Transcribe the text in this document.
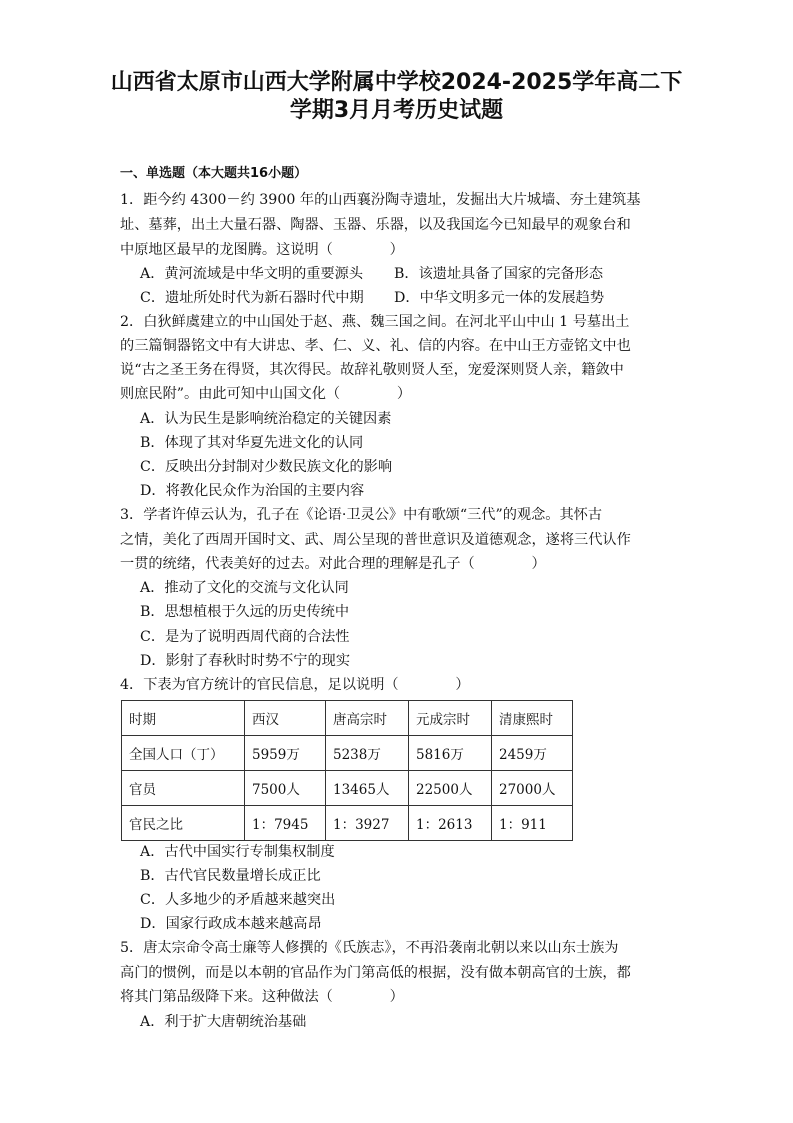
山西省太原市山西大学附属中学校2024-2025学年高二下
学期3月月考历史试题
一、单选题（本大题共16小题）
1．距今约 4300－约 3900 年的山西襄汾陶寺遗址，发掘出大片城墙、夯土建筑基
址、墓葬，出土大量石器、陶器、玉器、乐器，以及我国迄今已知最早的观象台和
中原地区最早的龙图腾。这说明（　　　　）
A．黄河流域是中华文明的重要源头 B．该遗址具备了国家的完备形态
C．遗址所处时代为新石器时代中期 D．中华文明多元一体的发展趋势
2．白狄鲜虞建立的中山国处于赵、燕、魏三国之间。在河北平山中山 1 号墓出土
的三篇铜器铭文中有大讲忠、孝、仁、义、礼、信的内容。在中山王方壶铭文中也
说“古之圣王务在得贤，其次得民。故辞礼敬则贤人至，宠爱深则贤人亲，籍敛中
则庶民附”。由此可知中山国文化（　　　　）
A．认为民生是影响统治稳定的关键因素
B．体现了其对华夏先进文化的认同
C．反映出分封制对少数民族文化的影响
D．将教化民众作为治国的主要内容
3．学者许倬云认为，孔子在《论语·卫灵公》中有歌颂“三代”的观念。其怀古
之情，美化了西周开国时文、武、周公呈现的普世意识及道德观念，遂将三代认作
一贯的统绪，代表美好的过去。对此合理的理解是孔子（　　　　）
A．推动了文化的交流与文化认同
B．思想植根于久远的历史传统中
C．是为了说明西周代商的合法性
D．影射了春秋时时势不宁的现实
4．下表为官方统计的官民信息，足以说明（　　　　）
时期	西汉	唐高宗时	元成宗时	清康熙时
全国人口（丁）	5959万	5238万	5816万	2459万
官员	7500人	13465人	22500人	27000人
官民之比	1：7945	1：3927	1：2613	1：911
A．古代中国实行专制集权制度
B．古代官民数量增长成正比
C．人多地少的矛盾越来越突出
D．国家行政成本越来越高昂
5．唐太宗命令高士廉等人修撰的《氏族志》，不再沿袭南北朝以来以山东士族为
高门的惯例，而是以本朝的官品作为门第高低的根据，没有做本朝高官的士族，都
将其门第品级降下来。这种做法（　　　　）
A．利于扩大唐朝统治基础
